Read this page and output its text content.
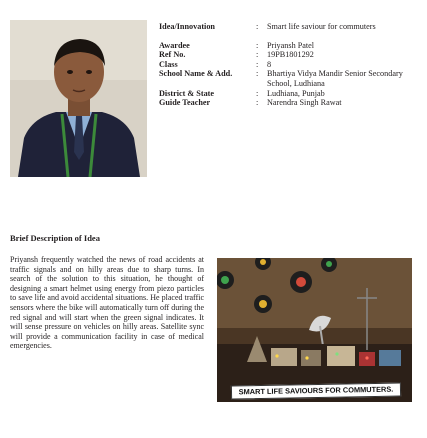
Idea/Innovation	:	Smart life saviour for commuters
Awardee	:	Priyansh Patel
Ref No.	:	19PB1801292
Class	:	8
School Name & Add.	:	Bhartiya Vidya Mandir Senior Secondary School, Ludhiana
District & State	:	Ludhiana, Punjab
Guide Teacher	:	Narendra Singh Rawat
Brief Description of Idea

Priyansh frequently watched the news of road accidents at traffic signals and on hilly areas due to sharp turns. In search of the solution to this situation, he thought of designing a smart helmet using energy from piezo particles to save life and avoid accidental situations. He placed traffic sensors where the bike will automatically turn off during the red signal and will start when the green signal indicates. It will sense pressure on vehicles on hilly areas. Satellite sync will provide a communication facility in case of medical emergencies.

SMART LIFE SAVIOURS FOR COMMUTERS.
